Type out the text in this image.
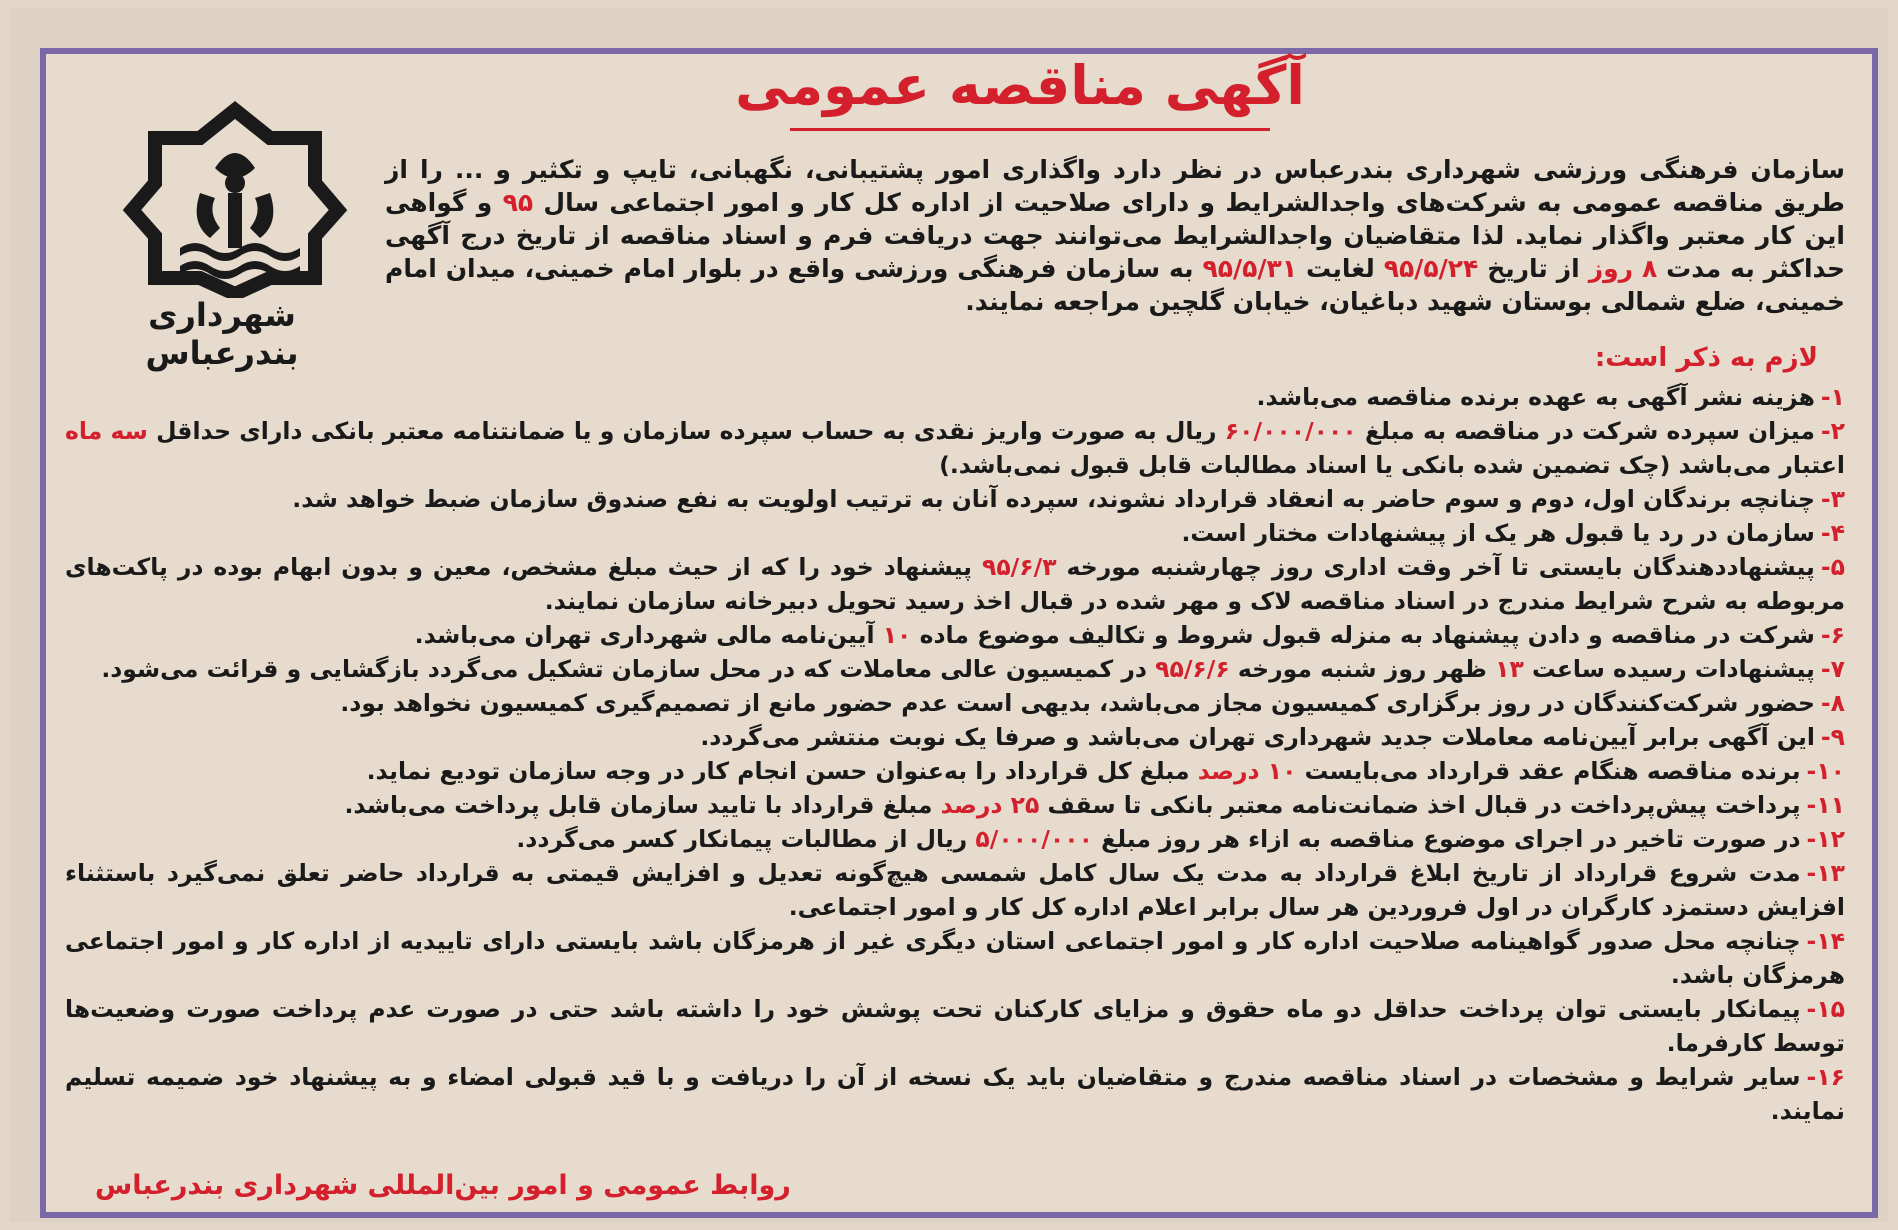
آگهی مناقصه عمومی
شهرداری بندرعباس
سازمان فرهنگی ورزشی شهرداری بندرعباس در نظر دارد واگذاری امور پشتیبانی، نگهبانی، تایپ و تکثیر و ... را از طریق مناقصه عمومی به شرکت‌های واجدالشرایط و دارای صلاحیت از اداره کل کار و امور اجتماعی سال ۹۵ و گواهی این کار معتبر واگذار نماید. لذا متقاضیان واجدالشرایط می‌توانند جهت دریافت فرم و اسناد مناقصه از تاریخ درج آگهی حداکثر به مدت ۸ روز از تاریخ ۹۵/۵/۲۴ لغایت ۹۵/۵/۳۱ به سازمان فرهنگی ورزشی واقع در بلوار امام خمینی، میدان امام خمینی، ضلع شمالی بوستان شهید دباغیان، خیابان گلچین مراجعه نمایند.
لازم به ذکر است:
۱-هزینه نشر آگهی به عهده برنده مناقصه می‌باشد.
۲-میزان سپرده شرکت در مناقصه به مبلغ ۶۰/۰۰۰/۰۰۰ ریال به صورت واریز نقدی به حساب سپرده سازمان و یا ضمانتنامه معتبر بانکی دارای حداقل سه ماه اعتبار می‌باشد (چک تضمین شده بانکی یا اسناد مطالبات قابل قبول نمی‌باشد.)
۳-چنانچه برندگان اول، دوم و سوم حاضر به انعقاد قرارداد نشوند، سپرده آنان به ترتیب اولویت به نفع صندوق سازمان ضبط خواهد شد.
۴-سازمان در رد یا قبول هر یک از پیشنهادات مختار است.
۵-پیشنهاددهندگان بایستی تا آخر وقت اداری روز چهارشنبه مورخه ۹۵/۶/۳ پیشنهاد خود را که از حیث مبلغ مشخص، معین و بدون ابهام بوده در پاکت‌های مربوطه به شرح شرایط مندرج در اسناد مناقصه لاک و مهر شده در قبال اخذ رسید تحویل دبیرخانه سازمان نمایند.
۶-شرکت در مناقصه و دادن پیشنهاد به منزله قبول شروط و تکالیف موضوع ماده ۱۰ آیین‌نامه مالی شهرداری تهران می‌باشد.
۷-پیشنهادات رسیده ساعت ۱۳ ظهر روز شنبه مورخه ۹۵/۶/۶ در کمیسیون عالی معاملات که در محل سازمان تشکیل می‌گردد بازگشایی و قرائت می‌شود.
۸-حضور شرکت‌کنندگان در روز برگزاری کمیسیون مجاز می‌باشد، بدیهی است عدم حضور مانع از تصمیم‌گیری کمیسیون نخواهد بود.
۹-این آگهی برابر آیین‌نامه معاملات جدید شهرداری تهران می‌باشد و صرفا یک نوبت منتشر می‌گردد.
۱۰-برنده مناقصه هنگام عقد قرارداد می‌بایست ۱۰ درصد مبلغ کل قرارداد را به‌عنوان حسن انجام کار در وجه سازمان تودیع نماید.
۱۱-پرداخت پیش‌پرداخت در قبال اخذ ضمانت‌نامه معتبر بانکی تا سقف ۲۵ درصد مبلغ قرارداد با تایید سازمان قابل پرداخت می‌باشد.
۱۲-در صورت تاخیر در اجرای موضوع مناقصه به ازاء هر روز مبلغ ۵/۰۰۰/۰۰۰ ریال از مطالبات پیمانکار کسر می‌گردد.
۱۳-مدت شروع قرارداد از تاریخ ابلاغ قرارداد به مدت یک سال کامل شمسی هیچ‌گونه تعدیل و افزایش قیمتی به قرارداد حاضر تعلق نمی‌گیرد باستثناء افزایش دستمزد کارگران در اول فروردین هر سال برابر اعلام اداره کل کار و امور اجتماعی.
۱۴-چنانچه محل صدور گواهینامه صلاحیت اداره کار و امور اجتماعی استان دیگری غیر از هرمزگان باشد بایستی دارای تاییدیه از اداره کار و امور اجتماعی هرمزگان باشد.
۱۵-پیمانکار بایستی توان پرداخت حداقل دو ماه حقوق و مزایای کارکنان تحت پوشش خود را داشته باشد حتی در صورت عدم پرداخت صورت وضعیت‌ها توسط کارفرما.
۱۶-سایر شرایط و مشخصات در اسناد مناقصه مندرج و متقاضیان باید یک نسخه از آن را دریافت و با قید قبولی امضاء و به پیشنهاد خود ضمیمه تسلیم نمایند.
روابط عمومی و امور بین‌المللی شهرداری بندرعباس
